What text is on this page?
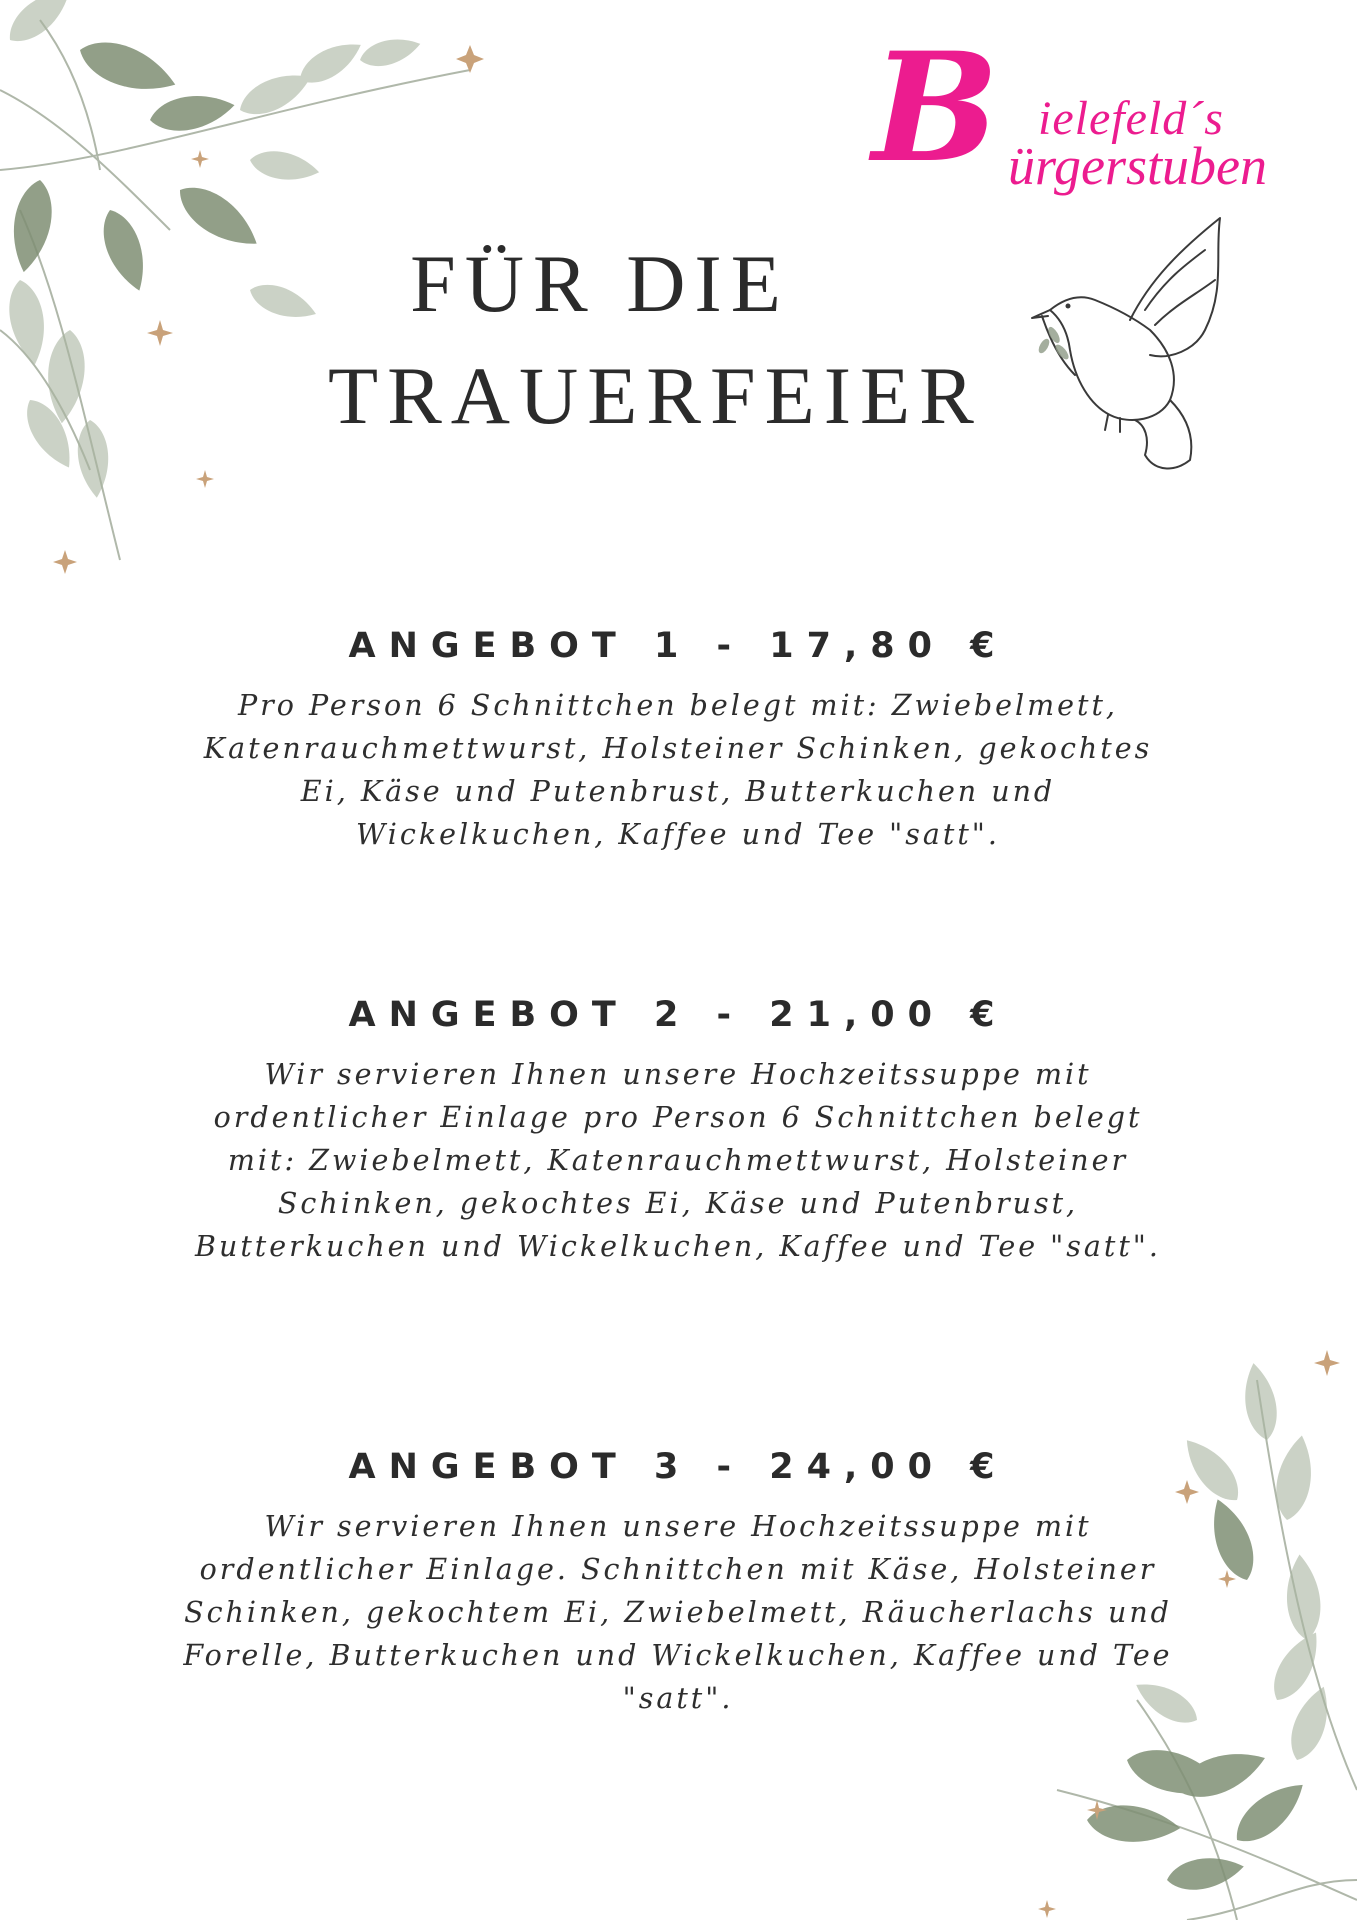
B ielefeld´s
ürgerstuben
FÜR DIE
TRAUERFEIER
ANGEBOT 1 - 17,80 €

Pro Person 6 Schnittchen belegt mit: Zwiebelmett, Katenrauchmettwurst, Holsteiner Schinken, gekochtes Ei, Käse und Putenbrust, Butterkuchen und Wickelkuchen, Kaffee und Tee "satt".

ANGEBOT 2 - 21,00 €

Wir servieren Ihnen unsere Hochzeitssuppe mit ordentlicher Einlage pro Person 6 Schnittchen belegt mit: Zwiebelmett, Katenrauchmettwurst, Holsteiner Schinken, gekochtes Ei, Käse und Putenbrust, Butterkuchen und Wickelkuchen, Kaffee und Tee "satt".

ANGEBOT 3 - 24,00 €

Wir servieren Ihnen unsere Hochzeitssuppe mit ordentlicher Einlage. Schnittchen mit Käse, Holsteiner Schinken, gekochtem Ei, Zwiebelmett, Räucherlachs und Forelle, Butterkuchen und Wickelkuchen, Kaffee und Tee "satt".
